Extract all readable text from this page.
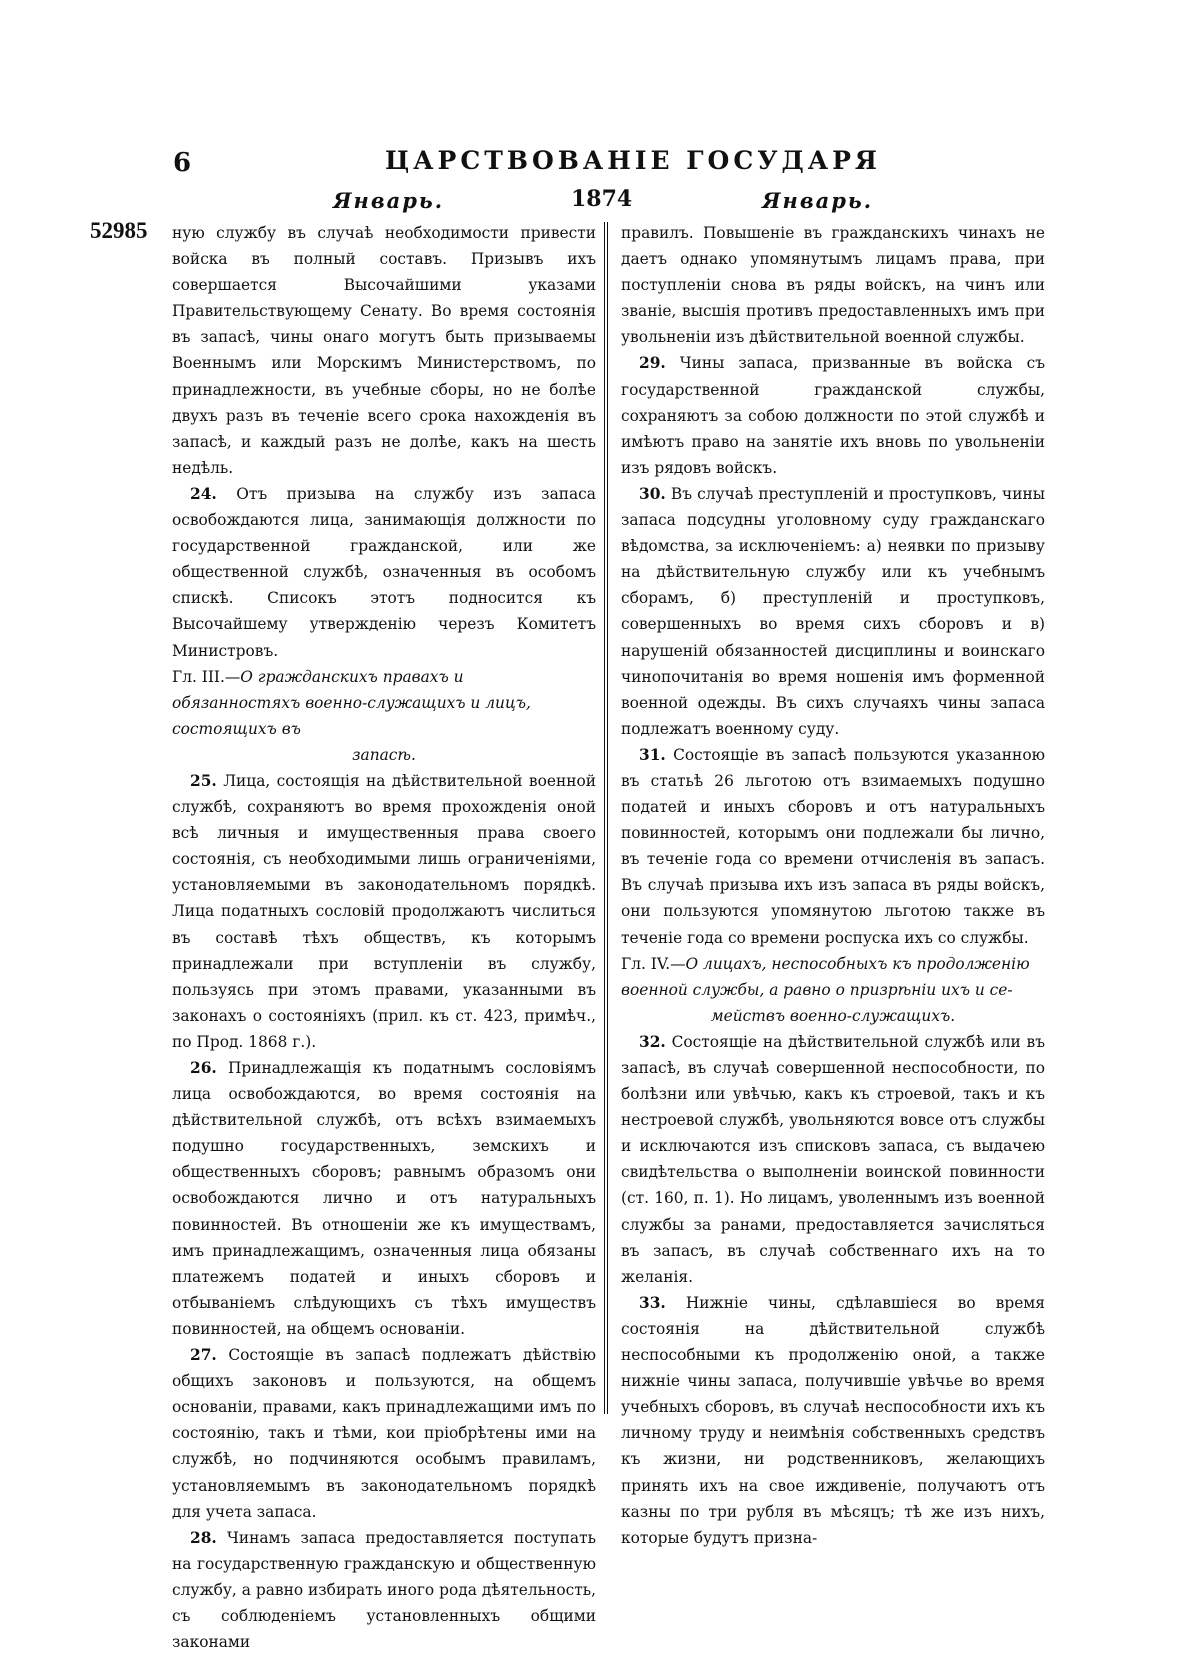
6	ЦАРСТВОВАНІЕ ГОСУДАРЯ
Январь.	1874	Январь.
52985 ную службу въ случаѣ необходимости привести войска въ полный составъ. Призывъ ихъ совершается Высочайшими указами Правительствующему Сенату. Во время состоянія въ запасѣ, чины онаго могутъ быть призываемы Военнымъ или Морскимъ Министерствомъ, по принадлежности, въ учебные сборы, но не болѣе двухъ разъ въ теченіе всего срока нахожденія въ запасѣ, и каждый разъ не долѣе, какъ на шесть недѣль.

24. Отъ призыва на службу изъ запаса освобождаются лица, занимающія должности по государственной гражданской, или же общественной службѣ, означенныя въ особомъ спискѣ. Списокъ этотъ подносится къ Высочайшему утвержденію черезъ Комитетъ Министровъ.

Гл. III.—О гражданскихъ правахъ и обязанностяхъ военно-служащихъ и лицъ, состоящихъ въ

запасѣ.

25. Лица, состоящія на дѣйствительной военной службѣ, сохраняютъ во время прохожденія оной всѣ личныя и имущественныя права своего состоянія, съ необходимыми лишь ограниченіями, установляемыми въ законодательномъ порядкѣ. Лица податныхъ сословій продолжаютъ числиться въ составѣ тѣхъ обществъ, къ которымъ принадлежали при вступленіи въ службу, пользуясь при этомъ правами, указанными въ законахъ о состояніяхъ (прил. къ ст. 423, примѣч., по Прод. 1868 г.).

26. Принадлежащія къ податнымъ сословіямъ лица освобождаются, во время состоянія на дѣйствительной службѣ, отъ всѣхъ взимаемыхъ подушно государственныхъ, земскихъ и общественныхъ сборовъ; равнымъ образомъ они освобождаются лично и отъ натуральныхъ повинностей. Въ отношеніи же къ имуществамъ, имъ принадлежащимъ, означенныя лица обязаны платежемъ податей и иныхъ сборовъ и отбываніемъ слѣдующихъ съ тѣхъ имуществъ повинностей, на общемъ основаніи.

27. Состоящіе въ запасѣ подлежатъ дѣйствію общихъ законовъ и пользуются, на общемъ основаніи, правами, какъ принадлежащими имъ по состоянію, такъ и тѣми, кои пріобрѣтены ими на службѣ, но подчиняются особымъ правиламъ, установляемымъ въ законодательномъ порядкѣ для учета запаса.

28. Чинамъ запаса предоставляется поступать на государственную гражданскую и общественную службу, а равно избирать иного рода дѣятельность, съ соблюденіемъ установленныхъ общими законами

правилъ. Повышеніе въ гражданскихъ чинахъ не даетъ однако упомянутымъ лицамъ права, при поступленіи снова въ ряды войскъ, на чинъ или званіе, высшія противъ предоставленныхъ имъ при увольненіи изъ дѣйствительной военной службы.

29. Чины запаса, призванные въ войска съ государственной гражданской службы, сохраняютъ за собою должности по этой службѣ и имѣютъ право на занятіе ихъ вновь по увольненіи изъ рядовъ войскъ.

30. Въ случаѣ преступленій и проступковъ, чины запаса подсудны уголовному суду гражданскаго вѣдомства, за исключеніемъ: а) неявки по призыву на дѣйствительную службу или къ учебнымъ сборамъ, б) преступленій и проступковъ, совершенныхъ во время сихъ сборовъ и в) нарушеній обязанностей дисциплины и воинскаго чинопочитанія во время ношенія имъ форменной военной одежды. Въ сихъ случаяхъ чины запаса подлежатъ военному суду.

31. Состоящіе въ запасѣ пользуются указанною въ статьѣ 26 льготою отъ взимаемыхъ подушно податей и иныхъ сборовъ и отъ натуральныхъ повинностей, которымъ они подлежали бы лично, въ теченіе года со времени отчисленія въ запасъ. Въ случаѣ призыва ихъ изъ запаса въ ряды войскъ, они пользуются упомянутою льготою также въ теченіе года со времени роспуска ихъ со службы.

Гл. IV.—О лицахъ, неспособныхъ къ продолженію военной службы, а равно о призрѣніи ихъ и се-

мействъ военно-служащихъ.

32. Состоящіе на дѣйствительной службѣ или въ запасѣ, въ случаѣ совершенной неспособности, по болѣзни или увѣчью, какъ къ строевой, такъ и къ нестроевой службѣ, увольняются вовсе отъ службы и исключаются изъ списковъ запаса, съ выдачею свидѣтельства о выполненіи воинской повинности (ст. 160, п. 1). Но лицамъ, уволеннымъ изъ военной службы за ранами, предоставляется зачисляться въ запасъ, въ случаѣ собственнаго ихъ на то желанія.

33. Нижніе чины, сдѣлавшіеся во время состоянія на дѣйствительной службѣ неспособными къ продолженію оной, а также нижніе чины запаса, получившіе увѣчье во время учебныхъ сборовъ, въ случаѣ неспособности ихъ къ личному труду и неимѣнія собственныхъ средствъ къ жизни, ни родственниковъ, желающихъ принять ихъ на свое иждивеніе, получаютъ отъ казны по три рубля въ мѣсяцъ; тѣ же изъ нихъ, которые будутъ призна-
